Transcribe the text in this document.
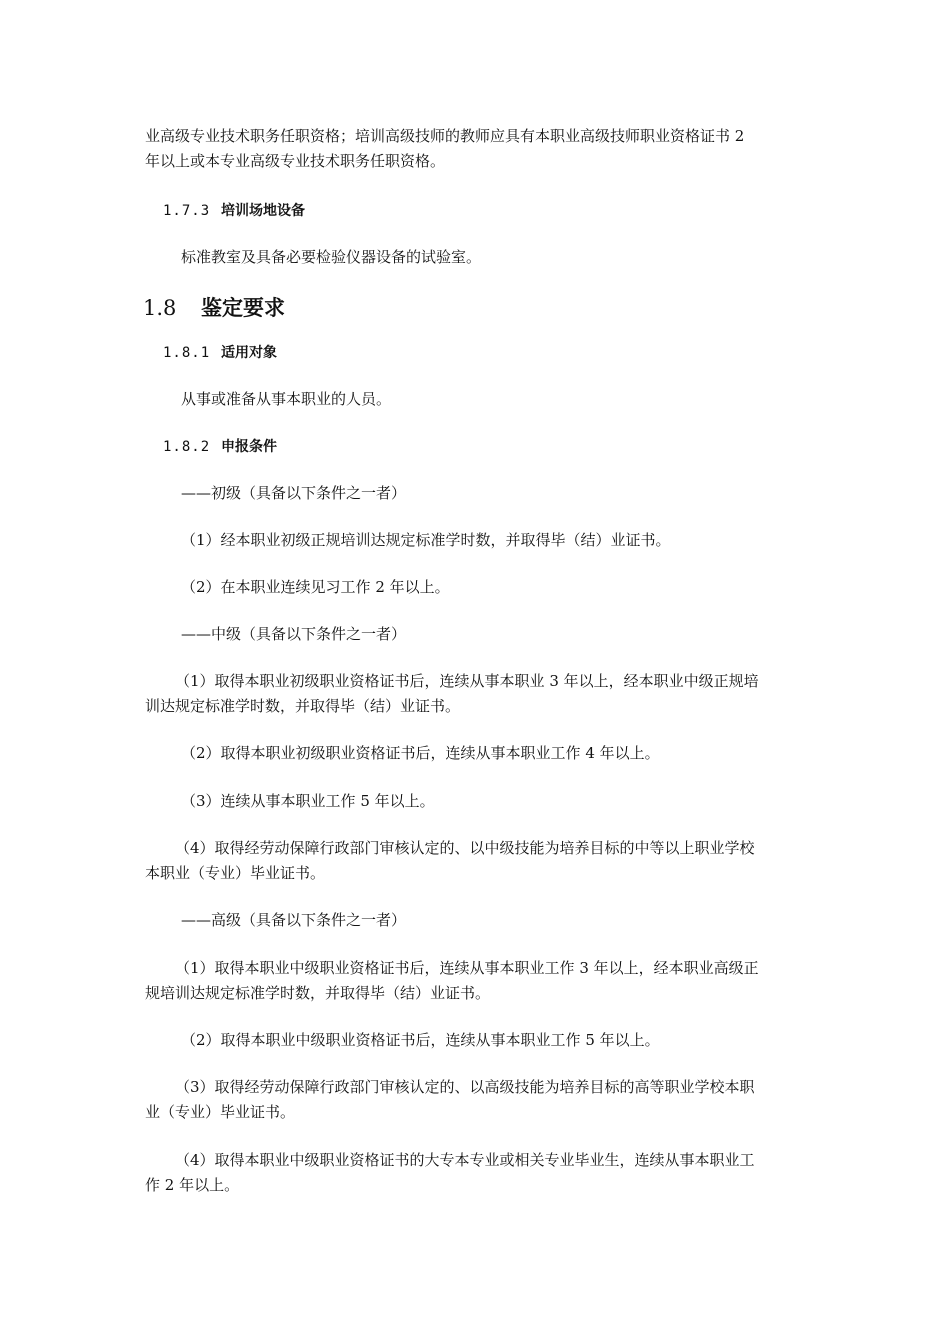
业高级专业技术职务任职资格；培训高级技师的教师应具有本职业高级技师职业资格证书 2
年以上或本专业高级专业技术职务任职资格。
1.7.3 培训场地设备
标准教室及具备必要检验仪器设备的试验室。
1.8 鉴定要求
1.8.1 适用对象
从事或准备从事本职业的人员。
1.8.2 申报条件
——初级（具备以下条件之一者）
（1）经本职业初级正规培训达规定标准学时数，并取得毕（结）业证书。
（2）在本职业连续见习工作 2 年以上。
——中级（具备以下条件之一者）
（1）取得本职业初级职业资格证书后，连续从事本职业 3 年以上，经本职业中级正规培
训达规定标准学时数，并取得毕（结）业证书。
（2）取得本职业初级职业资格证书后，连续从事本职业工作 4 年以上。
（3）连续从事本职业工作 5 年以上。
（4）取得经劳动保障行政部门审核认定的、以中级技能为培养目标的中等以上职业学校
本职业（专业）毕业证书。
——高级（具备以下条件之一者）
（1）取得本职业中级职业资格证书后，连续从事本职业工作 3 年以上，经本职业高级正
规培训达规定标准学时数，并取得毕（结）业证书。
（2）取得本职业中级职业资格证书后，连续从事本职业工作 5 年以上。
（3）取得经劳动保障行政部门审核认定的、以高级技能为培养目标的高等职业学校本职
业（专业）毕业证书。
（4）取得本职业中级职业资格证书的大专本专业或相关专业毕业生，连续从事本职业工
作 2 年以上。
